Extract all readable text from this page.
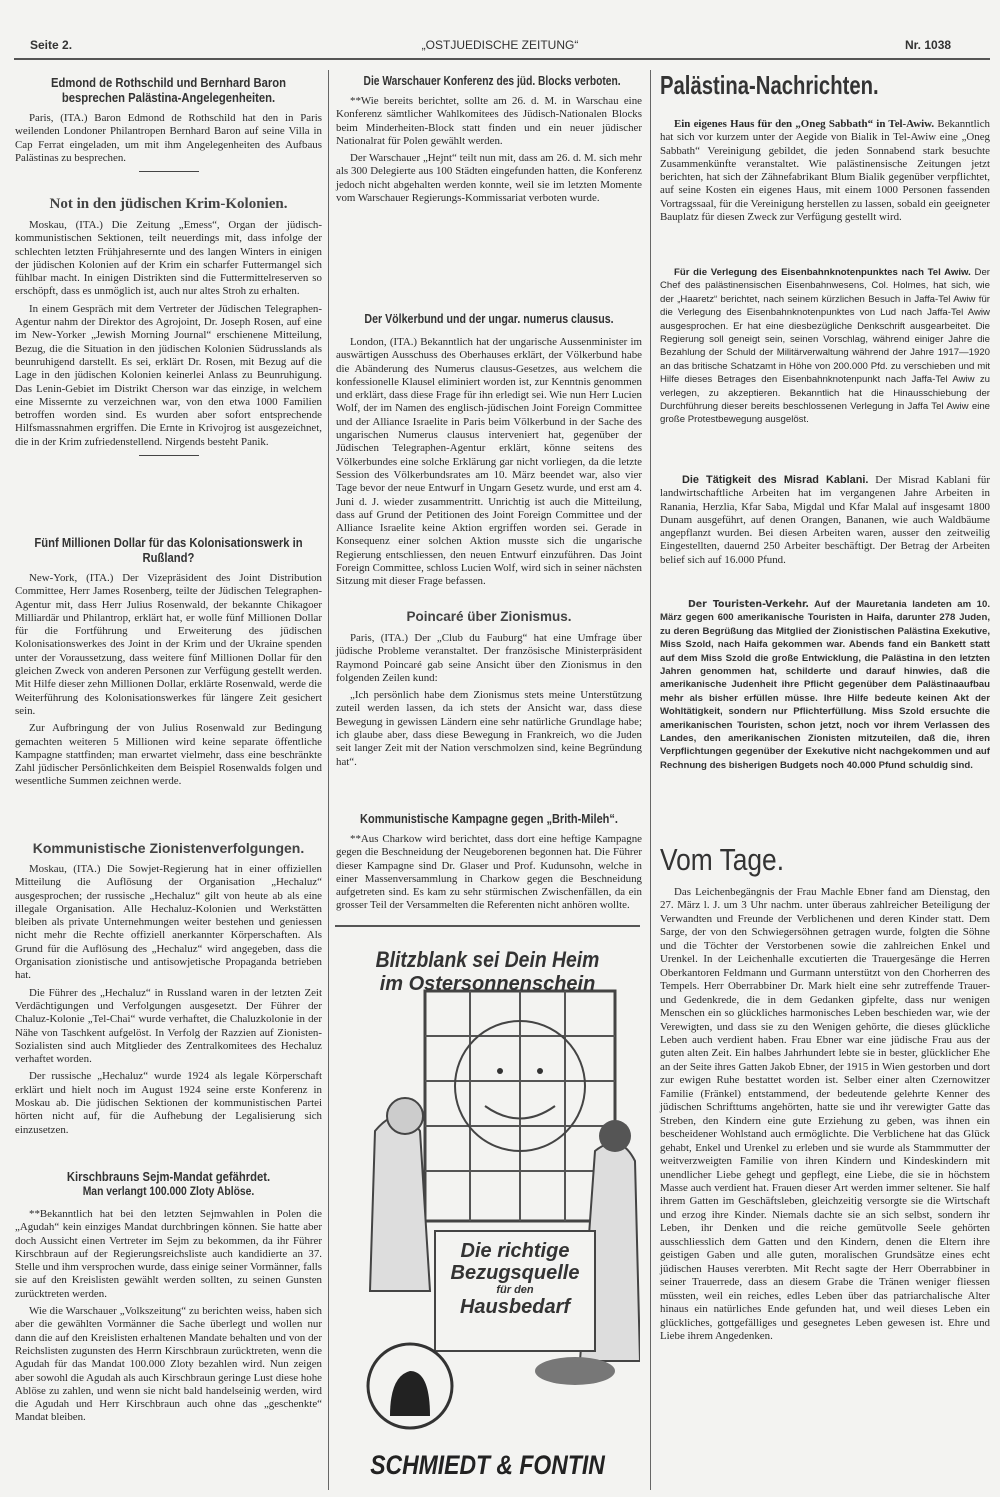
Seite 2.	„OSTJUEDISCHE ZEITUNG“	Nr. 1038
Edmond de Rothschild und Bernhard Baron besprechen Palästina-Angelegenheiten.

Paris, (ITA.) Baron Edmond de Rothschild hat den in Paris weilenden Londoner Philantropen Bernhard Baron auf seine Villa in Cap Ferrat eingeladen, um mit ihm Angelegenheiten des Aufbaus Palästinas zu besprechen.

Not in den jüdischen Krim-Kolonien.

Moskau, (ITA.) Die Zeitung „Emess“, Organ der jüdisch-kommunistischen Sektionen, teilt neuerdings mit, dass infolge der schlechten letzten Frühjahresernte und des langen Winters in einigen der jüdischen Kolonien auf der Krim ein scharfer Futtermangel sich fühlbar macht. In einigen Distrikten sind die Futtermittelreserven so erschöpft, dass es unmöglich ist, auch nur altes Stroh zu erhalten.

In einem Gespräch mit dem Vertreter der Jüdischen Telegraphen-Agentur nahm der Direktor des Agrojoint, Dr. Joseph Rosen, auf eine im New-Yorker „Jewish Morning Journal“ erschienene Mitteilung, Bezug, die die Situation in den jüdischen Kolonien Südrusslands als beunruhigend darstellt. Es sei, erklärt Dr. Rosen, mit Bezug auf die Lage in den jüdischen Kolonien keinerlei Anlass zu Beunruhigung. Das Lenin-Gebiet im Distrikt Cherson war das einzige, in welchem eine Missernte zu verzeichnen war, von den etwa 1000 Familien betroffen worden sind. Es wurden aber sofort entsprechende Hilfsmassnahmen ergriffen. Die Ernte in Krivojrog ist ausgezeichnet, die in der Krim zufriedenstellend. Nirgends besteht Panik.

Fünf Millionen Dollar für das Kolonisationswerk in Rußland?

New-York, (ITA.) Der Vizepräsident des Joint Distribution Committee, Herr James Rosenberg, teilte der Jüdischen Telegraphen-Agentur mit, dass Herr Julius Rosenwald, der bekannte Chikagoer Milliardär und Philantrop, erklärt hat, er wolle fünf Millionen Dollar für die Fortführung und Erweiterung des jüdischen Kolonisationswerkes des Joint in der Krim und der Ukraine spenden unter der Voraussetzung, dass weitere fünf Millionen Dollar für den gleichen Zweck von anderen Personen zur Verfügung gestellt werden. Mit Hilfe dieser zehn Millionen Dollar, erklärte Rosenwald, werde die Weiterführung des Kolonisationswerkes für längere Zeit gesichert sein.

Zur Aufbringung der von Julius Rosenwald zur Bedingung gemachten weiteren 5 Millionen wird keine separate öffentliche Kampagne stattfinden; man erwartet vielmehr, dass eine beschränkte Zahl jüdischer Persönlichkeiten dem Beispiel Rosenwalds folgen und wesentliche Summen zeichnen werde.

Kommunistische Zionistenverfolgungen.

Moskau, (ITA.) Die Sowjet-Regierung hat in einer offiziellen Mitteilung die Auflösung der Organisation „Hechaluz“ ausgesprochen; der russische „Hechaluz“ gilt von heute ab als eine illegale Organisation. Alle Hechaluz-Kolonien und Werkstätten bleiben als private Unternehmungen weiter bestehen und geniessen nicht mehr die Rechte offiziell anerkannter Körperschaften. Als Grund für die Auflösung des „Hechaluz“ wird angegeben, dass die Organisation zionistische und antisowjetische Propaganda betrieben hat.

Die Führer des „Hechaluz“ in Russland waren in der letzten Zeit Verdächtigungen und Verfolgungen ausgesetzt. Der Führer der Chaluz-Kolonie „Tel-Chai“ wurde verhaftet, die Chaluzkolonie in der Nähe von Taschkent aufgelöst. In Verfolg der Razzien auf Zionisten-Sozialisten sind auch Mitglieder des Zentralkomitees des Hechaluz verhaftet worden.

Der russische „Hechaluz“ wurde 1924 als legale Körperschaft erklärt und hielt noch im August 1924 seine erste Konferenz in Moskau ab. Die jüdischen Sektionen der kommunistischen Partei hörten nicht auf, für die Aufhebung der Legalisierung sich einzusetzen.

Kirschbrauns Sejm-Mandat gefährdet.
Man verlangt 100.000 Zloty Ablöse.

**Bekanntlich hat bei den letzten Sejmwahlen in Polen die „Agudah“ kein einziges Mandat durchbringen können. Sie hatte aber doch Aussicht einen Vertreter im Sejm zu bekommen, da ihr Führer Kirschbraun auf der Regierungsreichsliste auch kandidierte an 37. Stelle und ihm versprochen wurde, dass einige seiner Vormänner, falls sie auf den Kreislisten gewählt werden sollten, zu seinen Gunsten zurücktreten werden.

Wie die Warschauer „Volkszeitung“ zu berichten weiss, haben sich aber die gewählten Vormänner die Sache überlegt und wollen nur dann die auf den Kreislisten erhaltenen Mandate behalten und von der Reichslisten zugunsten des Herrn Kirschbraun zurücktreten, wenn die Agudah für das Mandat 100.000 Zloty bezahlen wird. Nun zeigen aber sowohl die Agudah als auch Kirschbraun geringe Lust diese hohe Ablöse zu zahlen, und wenn sie nicht bald handelseinig werden, wird die Agudah und Herr Kirschbraun auch ohne das „geschenkte“ Mandat bleiben.

Die Warschauer Konferenz des jüd. Blocks verboten.

**Wie bereits berichtet, sollte am 26. d. M. in Warschau eine Konferenz sämtlicher Wahlkomitees des Jüdisch-Nationalen Blocks beim Minderheiten-Block statt finden und ein neuer jüdischer Nationalrat für Polen gewählt werden.

Der Warschauer „Hejnt“ teilt nun mit, dass am 26. d. M. sich mehr als 300 Delegierte aus 100 Städten eingefunden hatten, die Konferenz jedoch nicht abgehalten werden konnte, weil sie im letzten Momente vom Warschauer Regierungs-Kommissariat verboten wurde.

Der Völkerbund und der ungar. numerus clausus.

London, (ITA.) Bekanntlich hat der ungarische Aussenminister im auswärtigen Ausschuss des Oberhauses erklärt, der Völkerbund habe die Abänderung des Numerus clausus-Gesetzes, aus welchem die konfessionelle Klausel eliminiert worden ist, zur Kenntnis genommen und erklärt, dass diese Frage für ihn erledigt sei. Wie nun Herr Lucien Wolf, der im Namen des englisch-jüdischen Joint Foreign Committee und der Alliance Israelite in Paris beim Völkerbund in der Sache des ungarischen Numerus clausus interveniert hat, gegenüber der Jüdischen Telegraphen-Agentur erklärt, könne seitens des Völkerbundes eine solche Erklärung gar nicht vorliegen, da die letzte Session des Völkerbundsrates am 10. März beendet war, also vier Tage bevor der neue Entwurf in Ungarn Gesetz wurde, und erst am 4. Juni d. J. wieder zusammentritt. Unrichtig ist auch die Mitteilung, dass auf Grund der Petitionen des Joint Foreign Committee und der Alliance Israelite keine Aktion ergriffen worden sei. Gerade in Konsequenz einer solchen Aktion musste sich die ungarische Regierung entschliessen, den neuen Entwurf einzuführen. Das Joint Foreign Committee, schloss Lucien Wolf, wird sich in seiner nächsten Sitzung mit dieser Frage befassen.

Poincaré über Zionismus.

Paris, (ITA.) Der „Club du Fauburg“ hat eine Umfrage über jüdische Probleme veranstaltet. Der französische Ministerpräsident Raymond Poincaré gab seine Ansicht über den Zionismus in den folgenden Zeilen kund:

„Ich persönlich habe dem Zionismus stets meine Unterstützung zuteil werden lassen, da ich stets der Ansicht war, dass diese Bewegung in gewissen Ländern eine sehr natürliche Grundlage habe; ich glaube aber, dass diese Bewegung in Frankreich, wo die Juden seit langer Zeit mit der Nation verschmolzen sind, keine Begründung hat“.

Kommunistische Kampagne gegen „Brith-Mileh“.

**Aus Charkow wird berichtet, dass dort eine heftige Kampagne gegen die Beschneidung der Neugeborenen begonnen hat. Die Führer dieser Kampagne sind Dr. Glaser und Prof. Kudunsohn, welche in einer Massenversammlung in Charkow gegen die Beschneidung aufgetreten sind. Es kam zu sehr stürmischen Zwischenfällen, da ein grosser Teil der Versammelten die Referenten nicht anhören wollte.

Blitzblank sei Dein Heim
im Ostersonnenschein
Die richtige
Bezugsquelle
für den
Hausbedarf
SCHMIEDT & FONTIN
Palästina-Nachrichten.

Ein eigenes Haus für den „Oneg Sabbath“ in Tel-Awiw. Bekanntlich hat sich vor kurzem unter der Aegide von Bialik in Tel-Awiw eine „Oneg Sabbath“ Vereinigung gebildet, die jeden Sonnabend stark besuchte Zusammenkünfte veranstaltet. Wie palästinensische Zeitungen jetzt berichten, hat sich der Zähnefabrikant Blum Bialik gegenüber verpflichtet, auf seine Kosten ein eigenes Haus, mit einem 1000 Personen fassenden Vortragssaal, für die Vereinigung herstellen zu lassen, sobald ein geeigneter Bauplatz für diesen Zweck zur Verfügung gestellt wird.

Für die Verlegung des Eisenbahnknotenpunktes nach Tel Awiw. Der Chef des palästinensischen Eisenbahnwesens, Col. Holmes, hat sich, wie der „Haaretz“ berichtet, nach seinem kürzlichen Besuch in Jaffa-Tel Awiw für die Verlegung des Eisenbahnknotenpunktes von Lud nach Jaffa-Tel Awiw ausgesprochen. Er hat eine diesbezügliche Denkschrift ausgearbeitet. Die Regierung soll geneigt sein, seinen Vorschlag, während einiger Jahre die Bezahlung der Schuld der Militärverwaltung während der Jahre 1917—1920 an das britische Schatzamt in Höhe von 200.000 Pfd. zu verschieben und mit Hilfe dieses Betrages den Eisenbahnknotenpunkt nach Jaffa-Tel Awiw zu verlegen, zu akzeptieren. Bekanntlich hat die Hinausschiebung der Durchführung dieser bereits beschlossenen Verlegung in Jaffa Tel Awiw eine große Protestbewegung ausgelöst.

Die Tätigkeit des Misrad Kablani. Der Misrad Kablani für landwirtschaftliche Arbeiten hat im vergangenen Jahre Arbeiten in Ranania, Herzlia, Kfar Saba, Migdal und Kfar Malal auf insgesamt 1800 Dunam ausgeführt, auf denen Orangen, Bananen, wie auch Waldbäume angepflanzt wurden. Bei diesen Arbeiten waren, ausser den zeitweilig Eingestellten, dauernd 250 Arbeiter beschäftigt. Der Betrag der Arbeiten belief sich auf 16.000 Pfund.

Der Touristen-Verkehr. Auf der Mauretania landeten am 10. März gegen 600 amerikanische Touristen in Haifa, darunter 278 Juden, zu deren Begrüßung das Mitglied der Zionistischen Palästina Exekutive, Miss Szold, nach Haifa gekommen war. Abends fand ein Bankett statt auf dem Miss Szold die große Entwicklung, die Palästina in den letzten Jahren genommen hat, schilderte und darauf hinwies, daß die amerikanische Judenheit ihre Pflicht gegenüber dem Palästinaaufbau mehr als bisher erfüllen müsse. Ihre Hilfe bedeute keinen Akt der Wohltätigkeit, sondern nur Pflichterfüllung. Miss Szold ersuchte die amerikanischen Touristen, schon jetzt, noch vor ihrem Verlassen des Landes, den amerikanischen Zionisten mitzuteilen, daß die, ihren Verpflichtungen gegenüber der Exekutive nicht nachgekommen und auf Rechnung des bisherigen Budgets noch 40.000 Pfund schuldig sind.

Vom Tage.

Das Leichenbegängnis der Frau Machle Ebner fand am Dienstag, den 27. März l. J. um 3 Uhr nachm. unter überaus zahlreicher Beteiligung der Verwandten und Freunde der Verblichenen und deren Kinder statt. Dem Sarge, der von den Schwiegersöhnen getragen wurde, folgten die Söhne und die Töchter der Verstorbenen sowie die zahlreichen Enkel und Urenkel. In der Leichenhalle excutierten die Trauergesänge die Herren Oberkantoren Feldmann und Gurmann unterstützt von den Chorherren des Tempels. Herr Oberrabbiner Dr. Mark hielt eine sehr zutreffende Trauer- und Gedenkrede, die in dem Gedanken gipfelte, dass nur wenigen Menschen ein so glückliches harmonisches Leben beschieden war, wie der Verewigten, und dass sie zu den Wenigen gehörte, die dieses glückliche Leben auch verdient haben. Frau Ebner war eine jüdische Frau aus der guten alten Zeit. Ein halbes Jahrhundert lebte sie in bester, glücklicher Ehe an der Seite ihres Gatten Jakob Ebner, der 1915 in Wien gestorben und dort zur ewigen Ruhe bestattet worden ist. Selber einer alten Czernowitzer Familie (Fränkel) entstammend, der bedeutende gelehrte Kenner des jüdischen Schrifttums angehörten, hatte sie und ihr verewigter Gatte das Streben, den Kindern eine gute Erziehung zu geben, was ihnen ein bescheidener Wohlstand auch ermöglichte. Die Verblichene hat das Glück gehabt, Enkel und Urenkel zu erleben und sie wurde als Stammmutter der weitverzweigten Familie von ihren Kindern und Kindeskindern mit unendlicher Liebe gehegt und gepflegt, eine Liebe, die sie in höchstem Masse auch verdient hat. Frauen dieser Art werden immer seltener. Sie half ihrem Gatten im Geschäftsleben, gleichzeitig versorgte sie die Wirtschaft und erzog ihre Kinder. Niemals dachte sie an sich selbst, sondern ihr Leben, ihr Denken und die reiche gemütvolle Seele gehörten ausschliesslich dem Gatten und den Kindern, denen die Eltern ihre geistigen Gaben und alle guten, moralischen Grundsätze eines echt jüdischen Hauses vererbten. Mit Recht sagte der Herr Oberrabbiner in seiner Trauerrede, dass an diesem Grabe die Tränen weniger fliessen müssten, weil ein reiches, edles Leben über das patriarchalische Alter hinaus ein natürliches Ende gefunden hat, und weil dieses Leben ein glückliches, gottgefälliges und gesegnetes Leben gewesen ist. Ehre und Liebe ihrem Angedenken.
